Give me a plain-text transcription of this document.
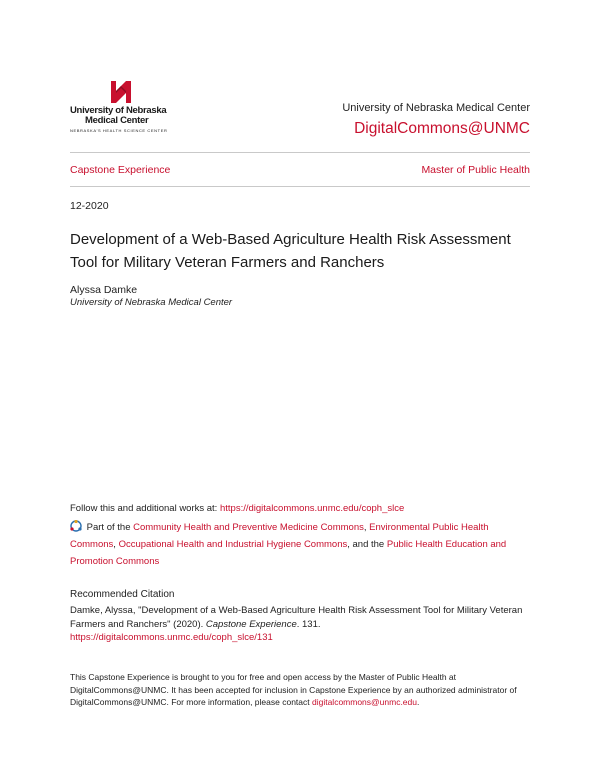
University of Nebraska
Medical Center
NEBRASKA'S HEALTH SCIENCE CENTER
University of Nebraska Medical Center
DigitalCommons@UNMC
Capstone Experience	Master of Public Health
12-2020
Development of a Web-Based Agriculture Health Risk Assessment Tool for Military Veteran Farmers and Ranchers
Alyssa Damke
University of Nebraska Medical Center
Follow this and additional works at: https://digitalcommons.unmc.edu/coph_slce
Part of the Community Health and Preventive Medicine Commons, Environmental Public Health Commons, Occupational Health and Industrial Hygiene Commons, and the Public Health Education and Promotion Commons
Recommended Citation
Damke, Alyssa, "Development of a Web-Based Agriculture Health Risk Assessment Tool for Military Veteran Farmers and Ranchers" (2020). Capstone Experience. 131.
https://digitalcommons.unmc.edu/coph_slce/131
This Capstone Experience is brought to you for free and open access by the Master of Public Health at DigitalCommons@UNMC. It has been accepted for inclusion in Capstone Experience by an authorized administrator of DigitalCommons@UNMC. For more information, please contact digitalcommons@unmc.edu.
